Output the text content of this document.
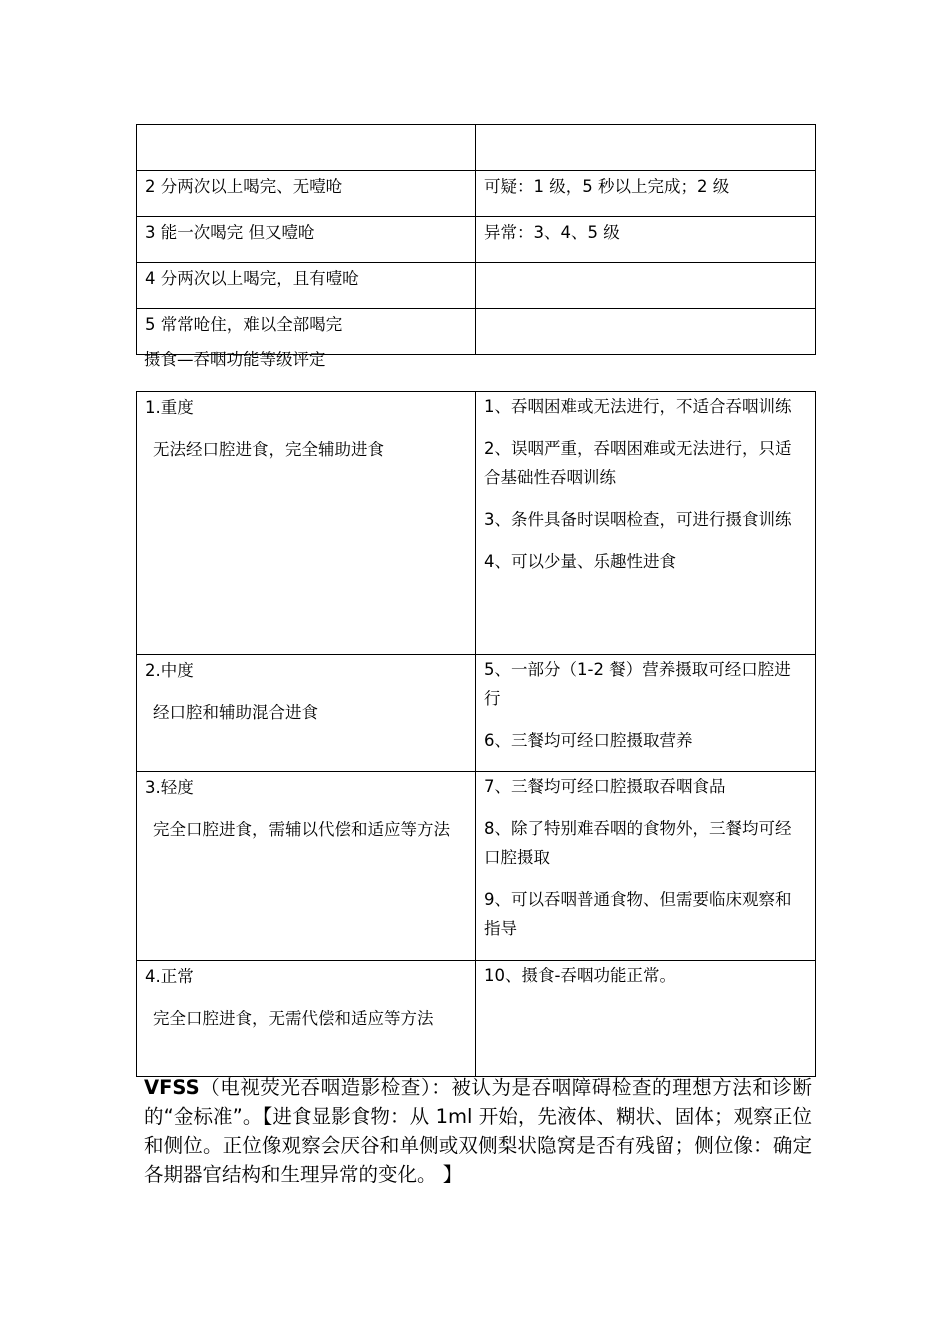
2 分两次以上喝完、无噎呛	可疑：1 级，5 秒以上完成；2 级
3 能一次喝完 但又噎呛	异常：3、4、5 级
4 分两次以上喝完，且有噎呛	
5 常常呛住，难以全部喝完	
摄食—吞咽功能等级评定
1.重度
无法经口腔进食，完全辅助进食	1、吞咽困难或无法进行，不适合吞咽训练
2、误咽严重，吞咽困难或无法进行，只适合基础性吞咽训练
3、条件具备时误咽检查，可进行摄食训练
4、可以少量、乐趣性进食

2.中度
经口腔和辅助混合进食	5、一部分（1-2 餐）营养摄取可经口腔进行
6、三餐均可经口腔摄取营养

3.轻度
完全口腔进食，需辅以代偿和适应等方法	7、三餐均可经口腔摄取吞咽食品
8、除了特别难吞咽的食物外，三餐均可经口腔摄取
9、可以吞咽普通食物、但需要临床观察和指导

4.正常
完全口腔进食，无需代偿和适应等方法	10、摄食-吞咽功能正常。
VFSS（电视荧光吞咽造影检查）：被认为是吞咽障碍检查的理想方法和诊断的“金标准”。【进食显影食物：从 1ml 开始，先液体、糊状、固体；观察正位和侧位。正位像观察会厌谷和单侧或双侧梨状隐窝是否有残留；侧位像：确定各期器官结构和生理异常的变化。 】
